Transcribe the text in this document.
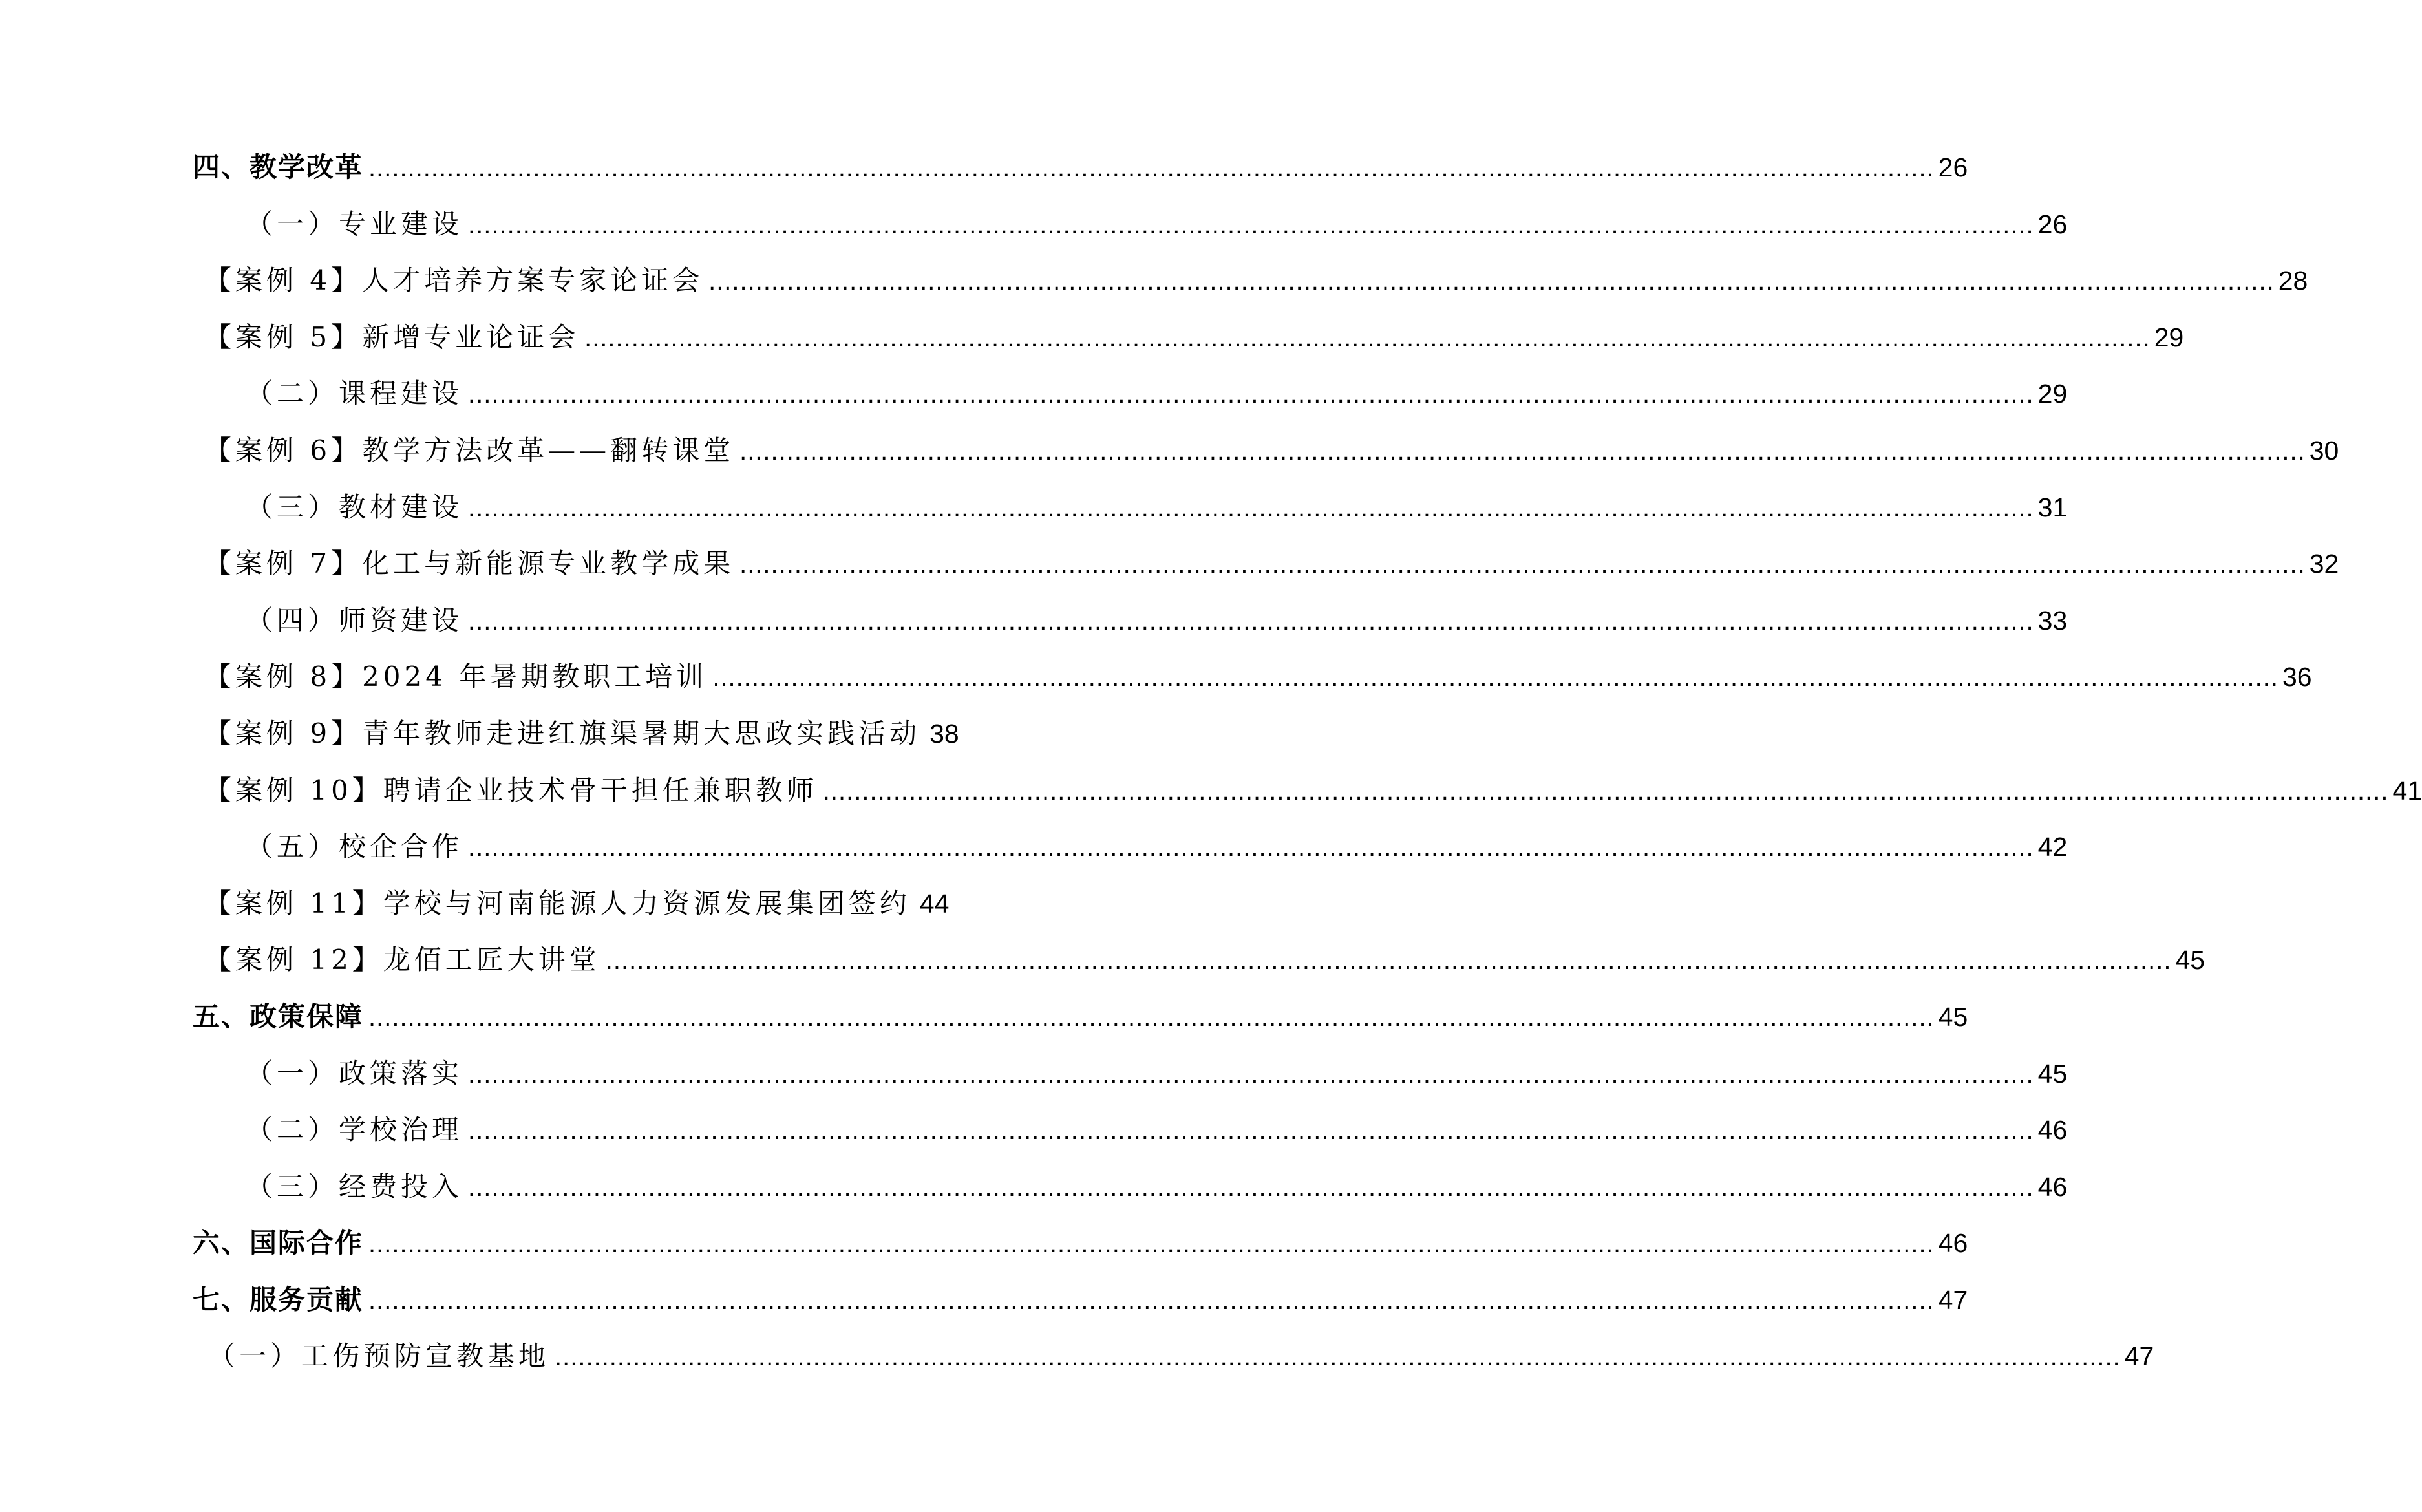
四、教学改革 ........................................................................................................................................................................................................ 26
（一）专业建设 ........................................................................................................................................................................................................ 26
【案例 4】人才培养方案专家论证会 ........................................................................................................................................................................................................ 28
【案例 5】新增专业论证会 ........................................................................................................................................................................................................ 29
（二）课程建设 ........................................................................................................................................................................................................ 29
【案例 6】教学方法改革——翻转课堂 ........................................................................................................................................................................................................ 30
（三）教材建设 ........................................................................................................................................................................................................ 31
【案例 7】化工与新能源专业教学成果 ........................................................................................................................................................................................................ 32
（四）师资建设 ........................................................................................................................................................................................................ 33
【案例 8】2024 年暑期教职工培训 ........................................................................................................................................................................................................ 36
【案例 9】青年教师走进红旗渠暑期大思政实践活动 38
【案例 10】聘请企业技术骨干担任兼职教师 ........................................................................................................................................................................................................ 41
（五）校企合作 ........................................................................................................................................................................................................ 42
【案例 11】学校与河南能源人力资源发展集团签约 44
【案例 12】龙佰工匠大讲堂 ........................................................................................................................................................................................................ 45
五、政策保障 ........................................................................................................................................................................................................ 45
（一）政策落实 ........................................................................................................................................................................................................ 45
（二）学校治理 ........................................................................................................................................................................................................ 46
（三）经费投入 ........................................................................................................................................................................................................ 46
六、国际合作 ........................................................................................................................................................................................................ 46
七、服务贡献 ........................................................................................................................................................................................................ 47
（一）工伤预防宣教基地 ........................................................................................................................................................................................................ 47
